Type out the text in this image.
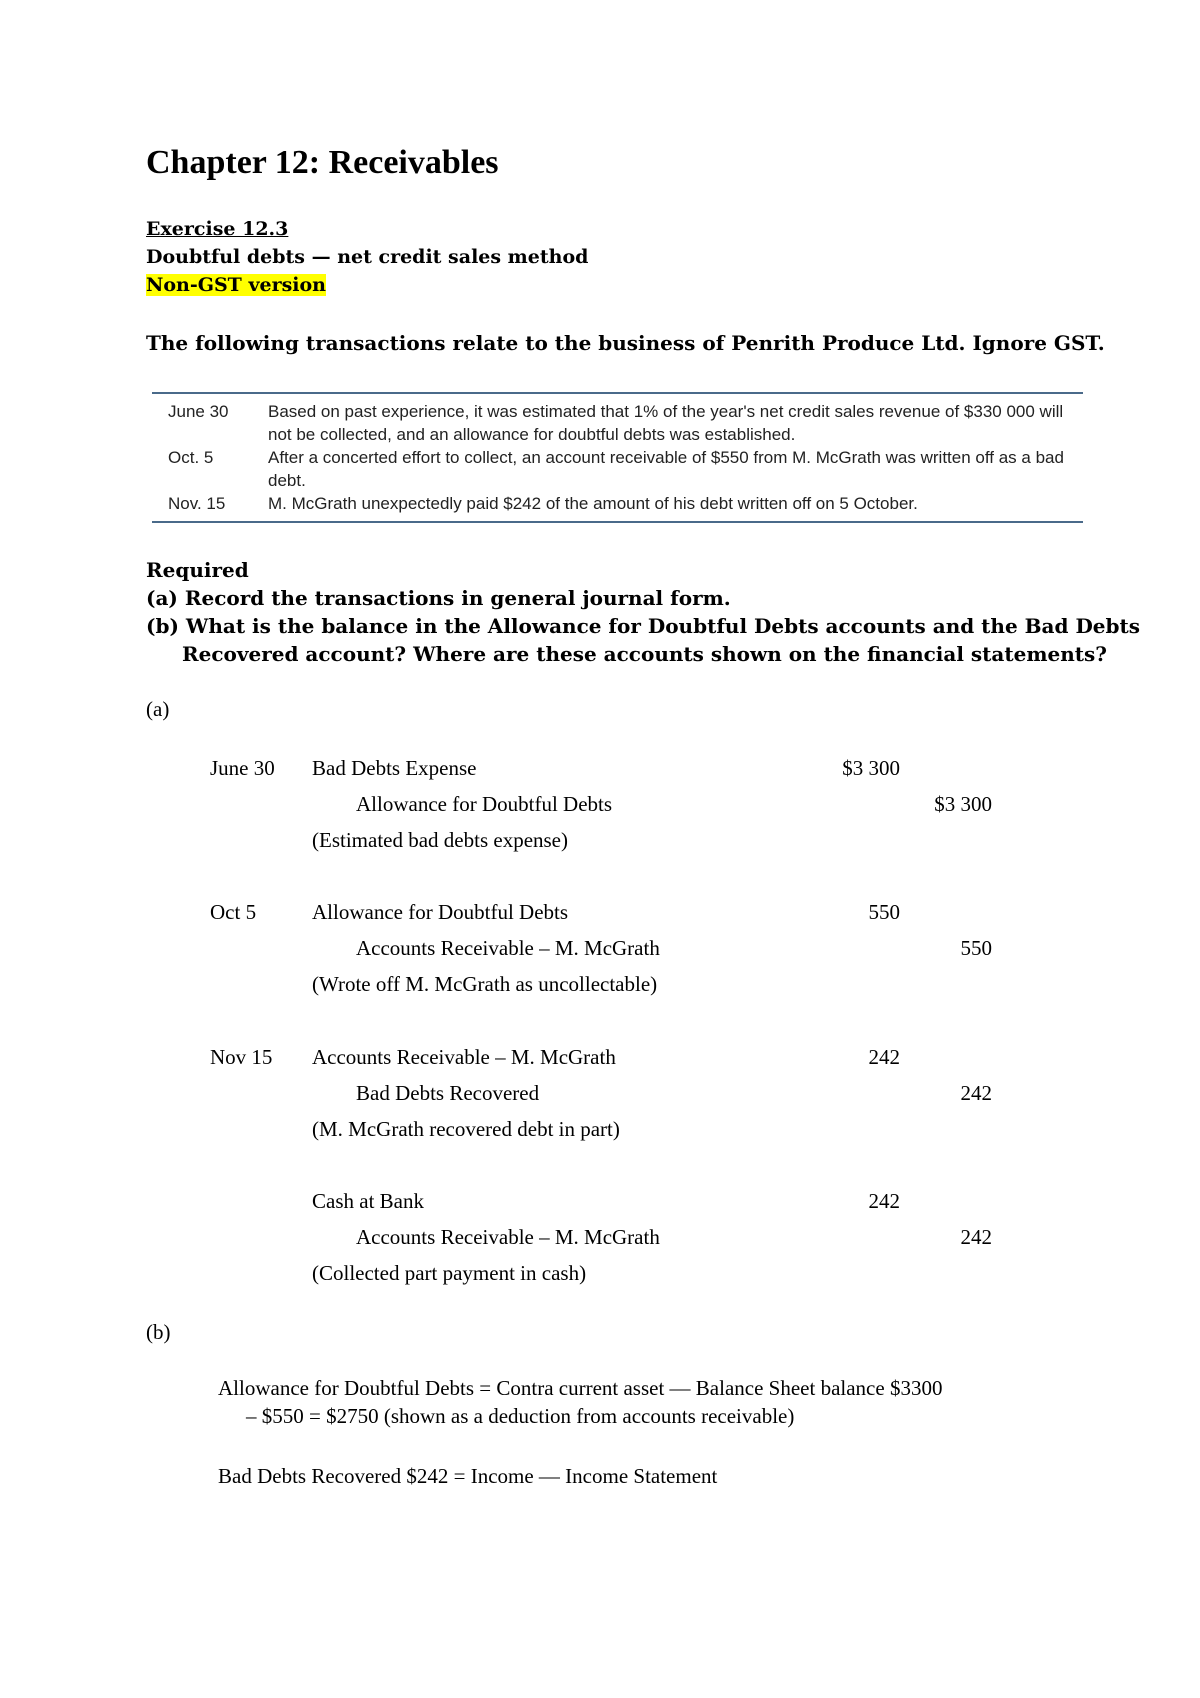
Chapter 12: Receivables
Exercise 12.3
Doubtful debts — net credit sales method
Non-GST version
The following transactions relate to the business of Penrith Produce Ltd. Ignore GST.
June 30	Based on past experience, it was estimated that 1% of the year's net credit sales revenue of $330 000 will not be collected, and an allowance for doubtful debts was established.
Oct. 5	After a concerted effort to collect, an account receivable of $550 from M. McGrath was written off as a bad debt.
Nov. 15	M. McGrath unexpectedly paid $242 of the amount of his debt written off on 5 October.
Required
(a) Record the transactions in general journal form.
(b) What is the balance in the Allowance for Doubtful Debts accounts and the Bad Debts
Recovered account? Where are these accounts shown on the financial statements?
(a)
June 30 Bad Debts Expense	$3 300
Allowance for Doubtful Debts	$3 300
(Estimated bad debts expense)
Oct 5	Allowance for Doubtful Debts	550
Accounts Receivable – M. McGrath	550
(Wrote off M. McGrath as uncollectable)
Nov 15 Accounts Receivable – M. McGrath	242
Bad Debts Recovered	242
(M. McGrath recovered debt in part)
Cash at Bank	242
Accounts Receivable – M. McGrath	242
(Collected part payment in cash)
(b)
Allowance for Doubtful Debts = Contra current asset — Balance Sheet balance $3300
– $550 = $2750 (shown as a deduction from accounts receivable)
Bad Debts Recovered $242 = Income — Income Statement
